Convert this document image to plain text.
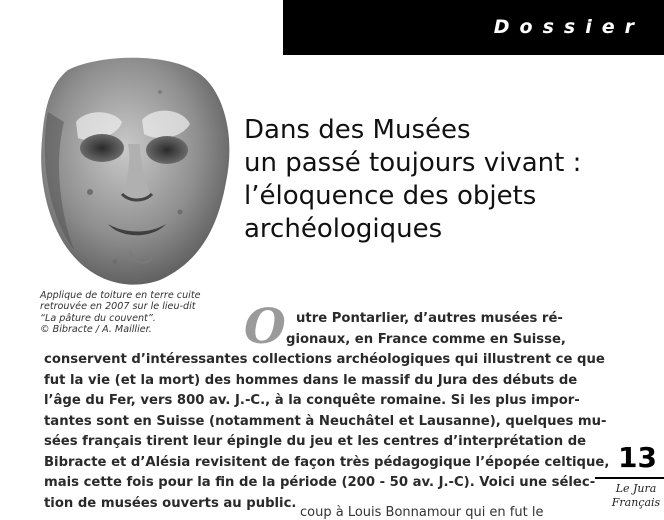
Dossier
Applique de toiture en terre cuite
retrouvée en 2007 sur le lieu-dit
“La pâture du couvent”.
© Bibracte / A. Maillier.
Dans des Musées
un passé toujours vivant :
l’éloquence des objets
archéologiques
O utre Pontarlier, d’autres musées ré-
gionaux, en France comme en Suisse,
conservent d’intéressantes collections archéologiques qui illustrent ce que
fut la vie (et la mort) des hommes dans le massif du Jura des débuts de
l’âge du Fer, vers 800 av. J.-C., à la conquête romaine. Si les plus impor-
tantes sont en Suisse (notamment à Neuchâtel et Lausanne), quelques mu-
sées français tirent leur épingle du jeu et les centres d’interprétation de
Bibracte et d’Alésia revisitent de façon très pédagogique l’épopée celtique,
mais cette fois pour la fin de la période (200 - 50 av. J.-C). Voici une sélec-
tion de musées ouverts au public.
13
Le Jura
Français
coup à Louis Bonnamour qui en fut le
